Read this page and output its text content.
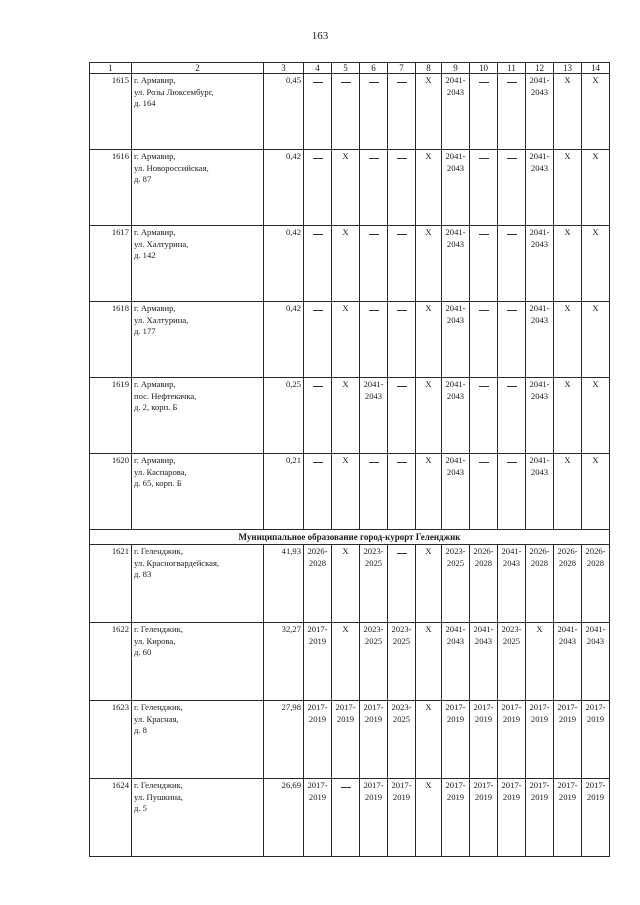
163
1	2	3	4	5	6	7	8	9	10	11	12	13	14
1615	г. Армавир,
ул. Розы Люксембург,
д. 164	0,45					X	2041-
2043			2041-
2043	X	X
1616	г. Армавир,
ул. Новороссийская,
д. 87	0,42		X			X	2041-
2043			2041-
2043	X	X
1617	г. Армавир,
ул. Халтурина,
д. 142	0,42		X			X	2041-
2043			2041-
2043	X	X
1618	г. Армавир,
ул. Халтурина,
д. 177	0,42		X			X	2041-
2043			2041-
2043	X	X
1619	г. Армавир,
пос. Нефтекачка,
д. 2, корп. Б	0,25		X	2041-
2043		X	2041-
2043			2041-
2043	X	X
1620	г. Армавир,
ул. Каспарова,
д. 65, корп. Б	0,21		X			X	2041-
2043			2041-
2043	X	X
Муниципальное образование город-курорт Геленджик													
1621	г. Геленджик,
ул. Красногвардейская,
д. 83	41,93	2026-
2028	X	2023-
2025		X	2023-
2025	2026-
2028	2041-
2043	2026-
2028	2026-
2028	2026-
2028

1622	г. Геленджик,
ул. Кирова,
д. 60	32,27	2017-
2019	X	2023-
2025	2023-
2025	X	2041-
2043	2041-
2043	2023-
2025	X	2041-
2043	2041-
2043

1623	г. Геленджик,
ул. Красная,
д. 8	27,98	2017-
2019	2017-
2019	2017-
2019	2023-
2025	X	2017-
2019	2017-
2019	2017-
2019	2017-
2019	2017-
2019	2017-
2019

1624	г. Геленджик,
ул. Пушкина,
д. 5	26,69	2017-
2019		2017-
2019	2017-
2019	X	2017-
2019	2017-
2019	2017-
2019	2017-
2019	2017-
2019	2017-
2019
